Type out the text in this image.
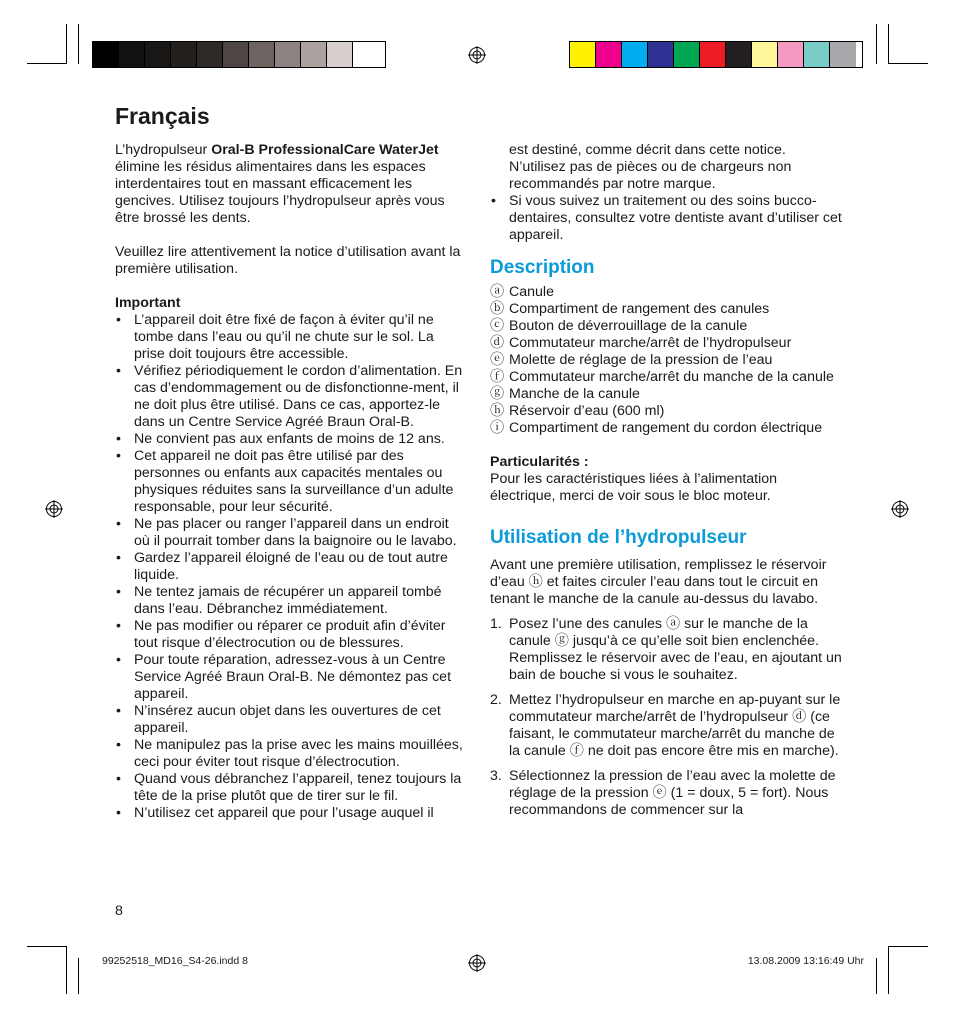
Français

L’hydropulseur Oral-B ProfessionalCare WaterJet
élimine les résidus alimentaires dans les espaces interdentaires tout en massant efficacement les gencives. Utilisez toujours l’hydropulseur après vous être brossé les dents.

Veuillez lire attentivement la notice d’utilisation avant la première utilisation.

Important

• L’appareil doit être fixé de façon à éviter qu’il ne tombe dans l’eau ou qu’il ne chute sur le sol. La prise doit toujours être accessible.
• Vérifiez périodiquement le cordon d’alimentation. En cas d’endommagement ou de disfonctionne-ment, il ne doit plus être utilisé. Dans ce cas, apportez-le dans un Centre Service Agréé Braun Oral-B.
• Ne convient pas aux enfants de moins de 12 ans.
• Cet appareil ne doit pas être utilisé par des personnes ou enfants aux capacités mentales ou physiques réduites sans la surveillance d’un adulte responsable, pour leur sécurité.
• Ne pas placer ou ranger l’appareil dans un endroit où il pourrait tomber dans la baignoire ou le lavabo.
• Gardez l’appareil éloigné de l’eau ou de tout autre liquide.
• Ne tentez jamais de récupérer un appareil tombé dans l’eau. Débranchez immédiatement.
• Ne pas modifier ou réparer ce produit afin d’éviter tout risque d’électrocution ou de blessures.
• Pour toute réparation, adressez-vous à un Centre Service Agréé Braun Oral-B. Ne démontez pas cet appareil.
• N’insérez aucun objet dans les ouvertures de cet appareil.
• Ne manipulez pas la prise avec les mains mouillées, ceci pour éviter tout risque d’électrocution.
• Quand vous débranchez l’appareil, tenez toujours la tête de la prise plutôt que de tirer sur le fil.
• N’utilisez cet appareil que pour l’usage auquel il

est destiné, comme décrit dans cette notice. N’utilisez pas de pièces ou de chargeurs non recommandés par notre marque.

• Si vous suivez un traitement ou des soins bucco-dentaires, consultez votre dentiste avant d’utiliser cet appareil.
Description
ⓐ Canule
ⓑ Compartiment de rangement des canules
ⓒ Bouton de déverrouillage de la canule
ⓓ Commutateur marche/arrêt de l’hydropulseur
ⓔ Molette de réglage de la pression de l’eau
ⓕ Commutateur marche/arrêt du manche de la canule
ⓖ Manche de la canule
ⓗ Réservoir d’eau (600 ml)
ⓘ Compartiment de rangement du cordon électrique

Particularités :

Pour les caractéristiques liées à l’alimentation électrique, merci de voir sous le bloc moteur.

Utilisation de l’hydropulseur

Avant une première utilisation, remplissez le réservoir d’eau ⓗ et faites circuler l’eau dans tout le circuit en tenant le manche de la canule au-dessus du lavabo.

1. Posez l’une des canules ⓐ sur le manche de la canule ⓖ jusqu’à ce qu’elle soit bien enclenchée. Remplissez le réservoir avec de l’eau, en ajoutant un bain de bouche si vous le souhaitez.
2. Mettez l’hydropulseur en marche en ap-puyant sur le commutateur marche/arrêt de l’hydropulseur ⓓ (ce faisant, le commutateur marche/arrêt du manche de la canule ⓕ ne doit pas encore être mis en marche).
3. Sélectionnez la pression de l’eau avec la molette de réglage de la pression ⓔ (1 = doux, 5 = fort). Nous recommandons de commencer sur la
8
99252518_MD16_S4-26.indd 8	13.08.2009 13:16:49 Uhr
